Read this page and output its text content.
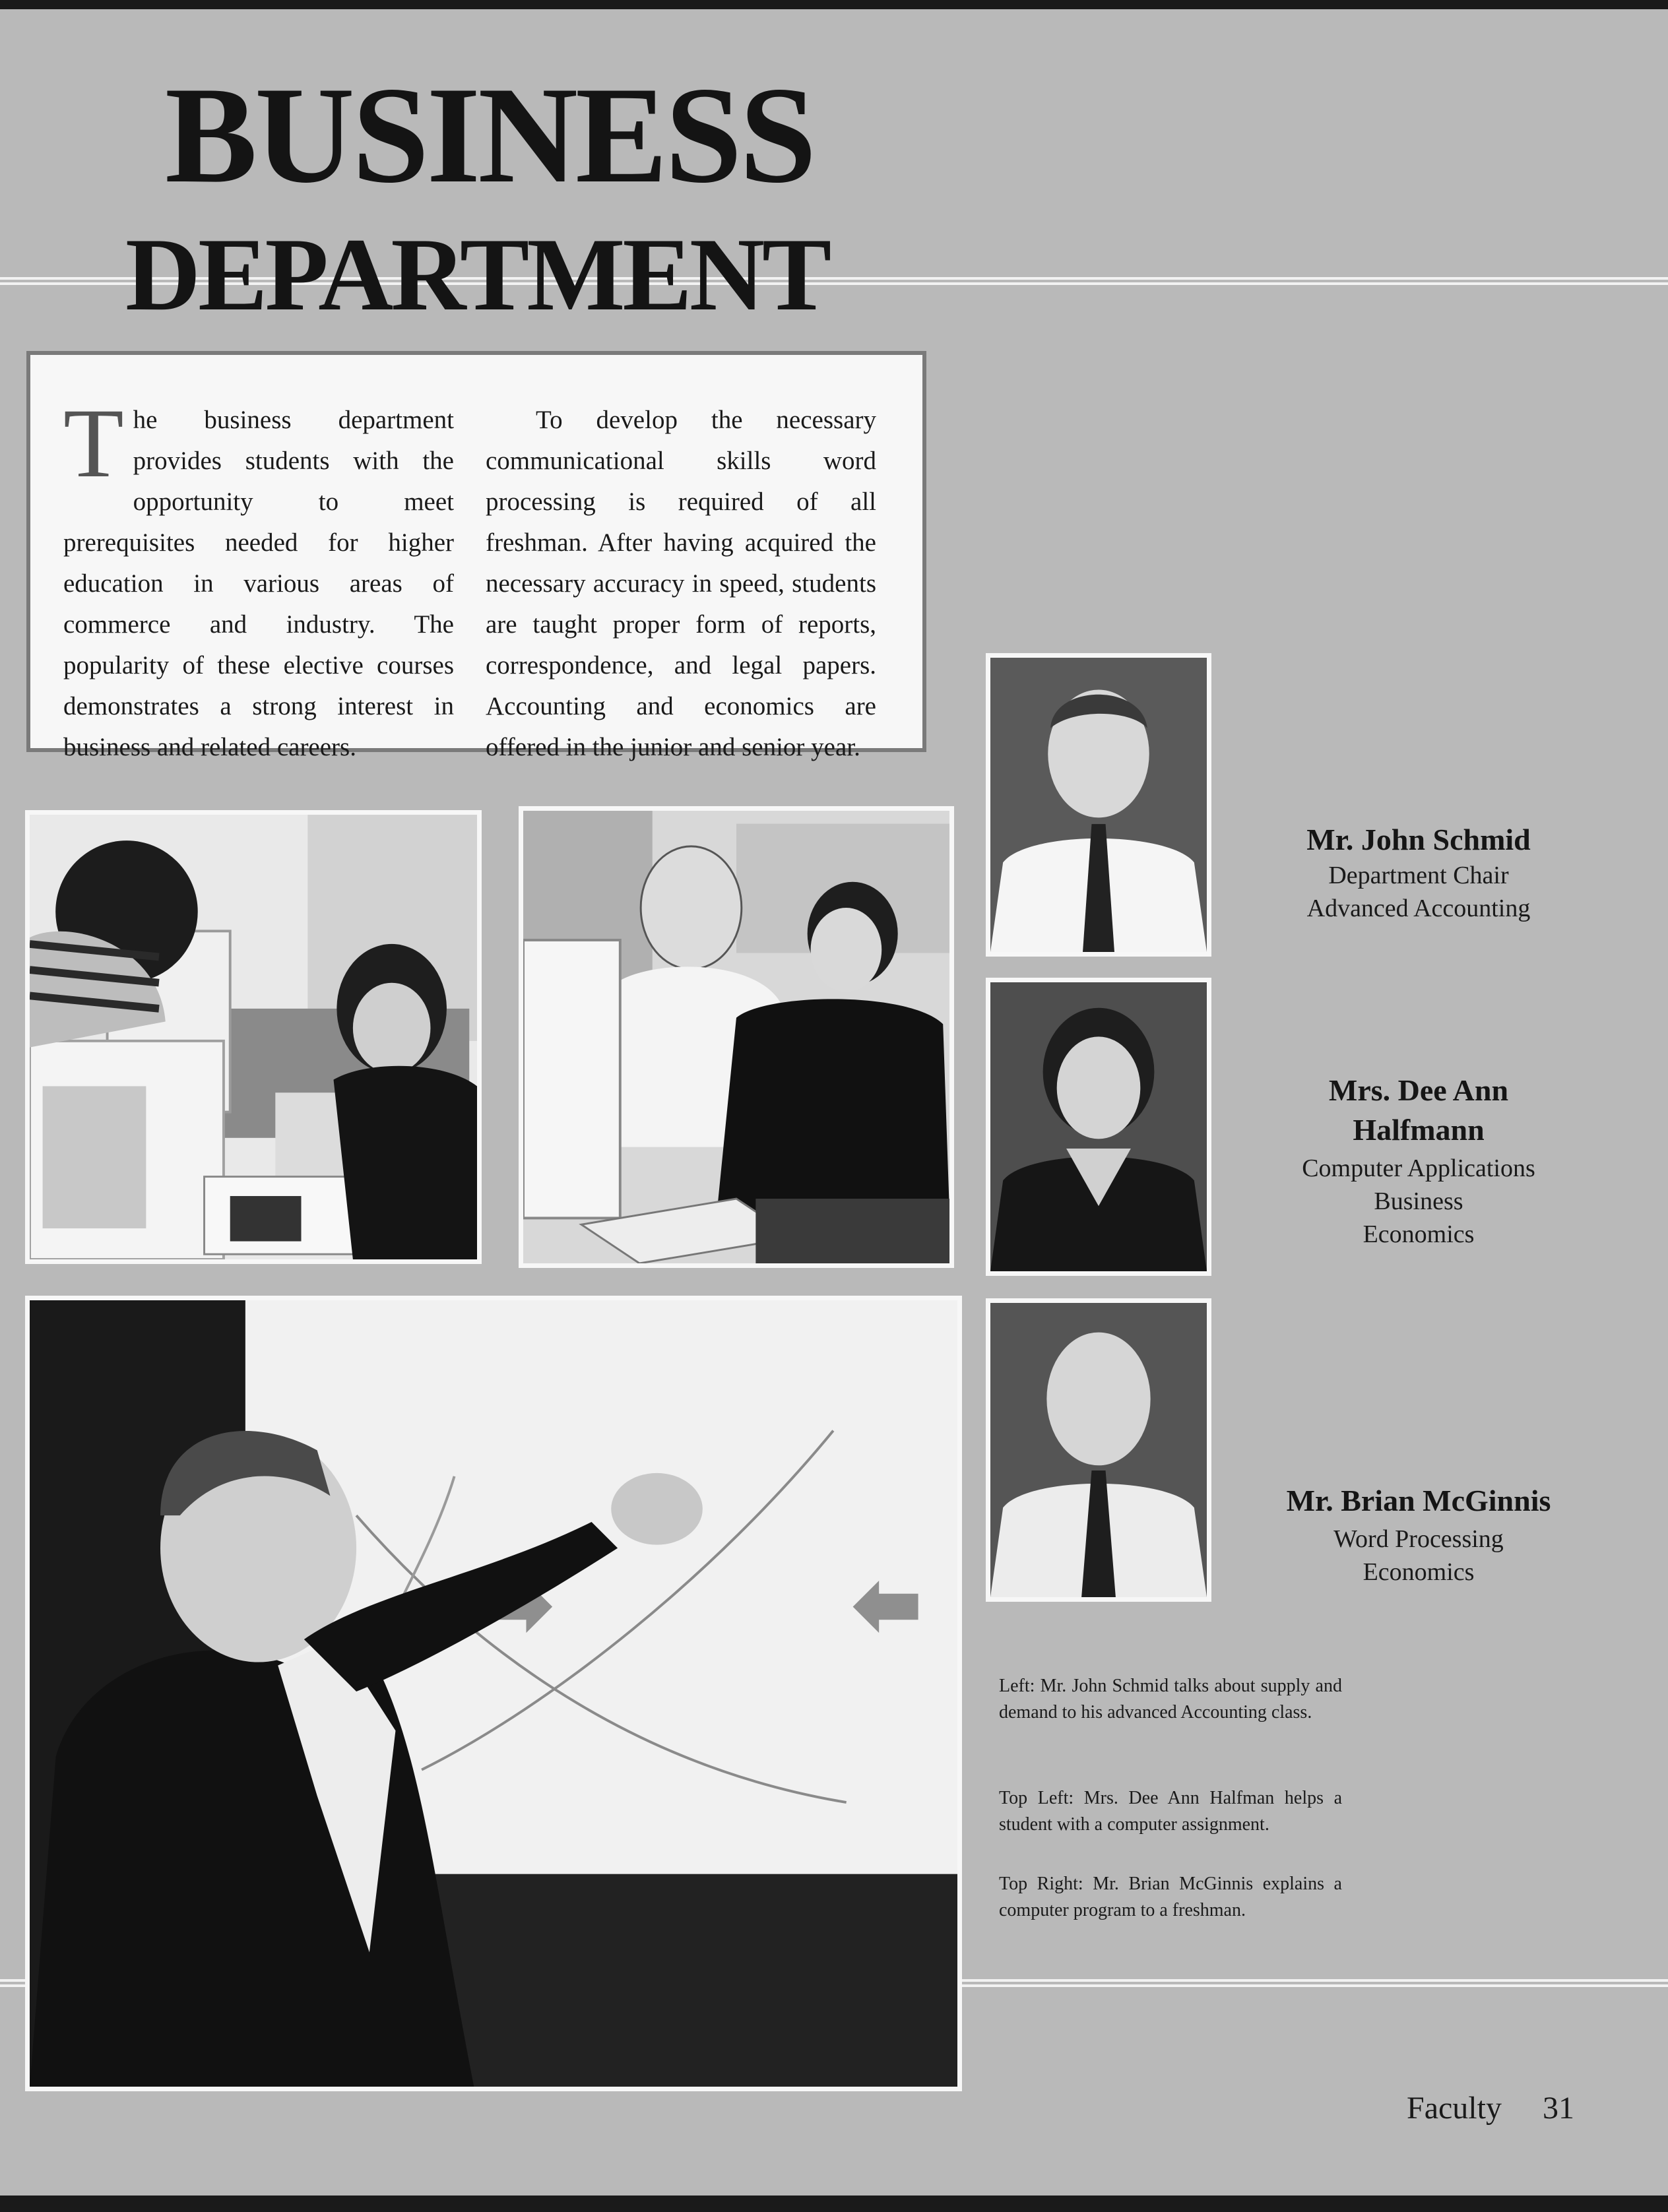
BUSINESS
DEPARTMENT
The business department provides students with the opportunity to meet prerequisites needed for higher education in various areas of commerce and industry. The popularity of these elective courses demonstrates a strong interest in business and related careers.
To develop the necessary communicational skills word processing is required of all freshman. After having acquired the necessary accuracy in speed, students are taught proper form of reports, correspondence, and legal papers. Accounting and economics are offered in the junior and senior year.
Mr. John Schmid
Department Chair
Advanced Accounting
Mrs. Dee Ann
Halfmann
Computer Applications
Business
Economics
Mr. Brian McGinnis
Word Processing
Economics
Left: Mr. John Schmid talks about supply and demand to his advanced Accounting class.
Top Left: Mrs. Dee Ann Halfman helps a student with a computer assignment.
Top Right: Mr. Brian McGinnis explains a computer program to a freshman.
Faculty 31
